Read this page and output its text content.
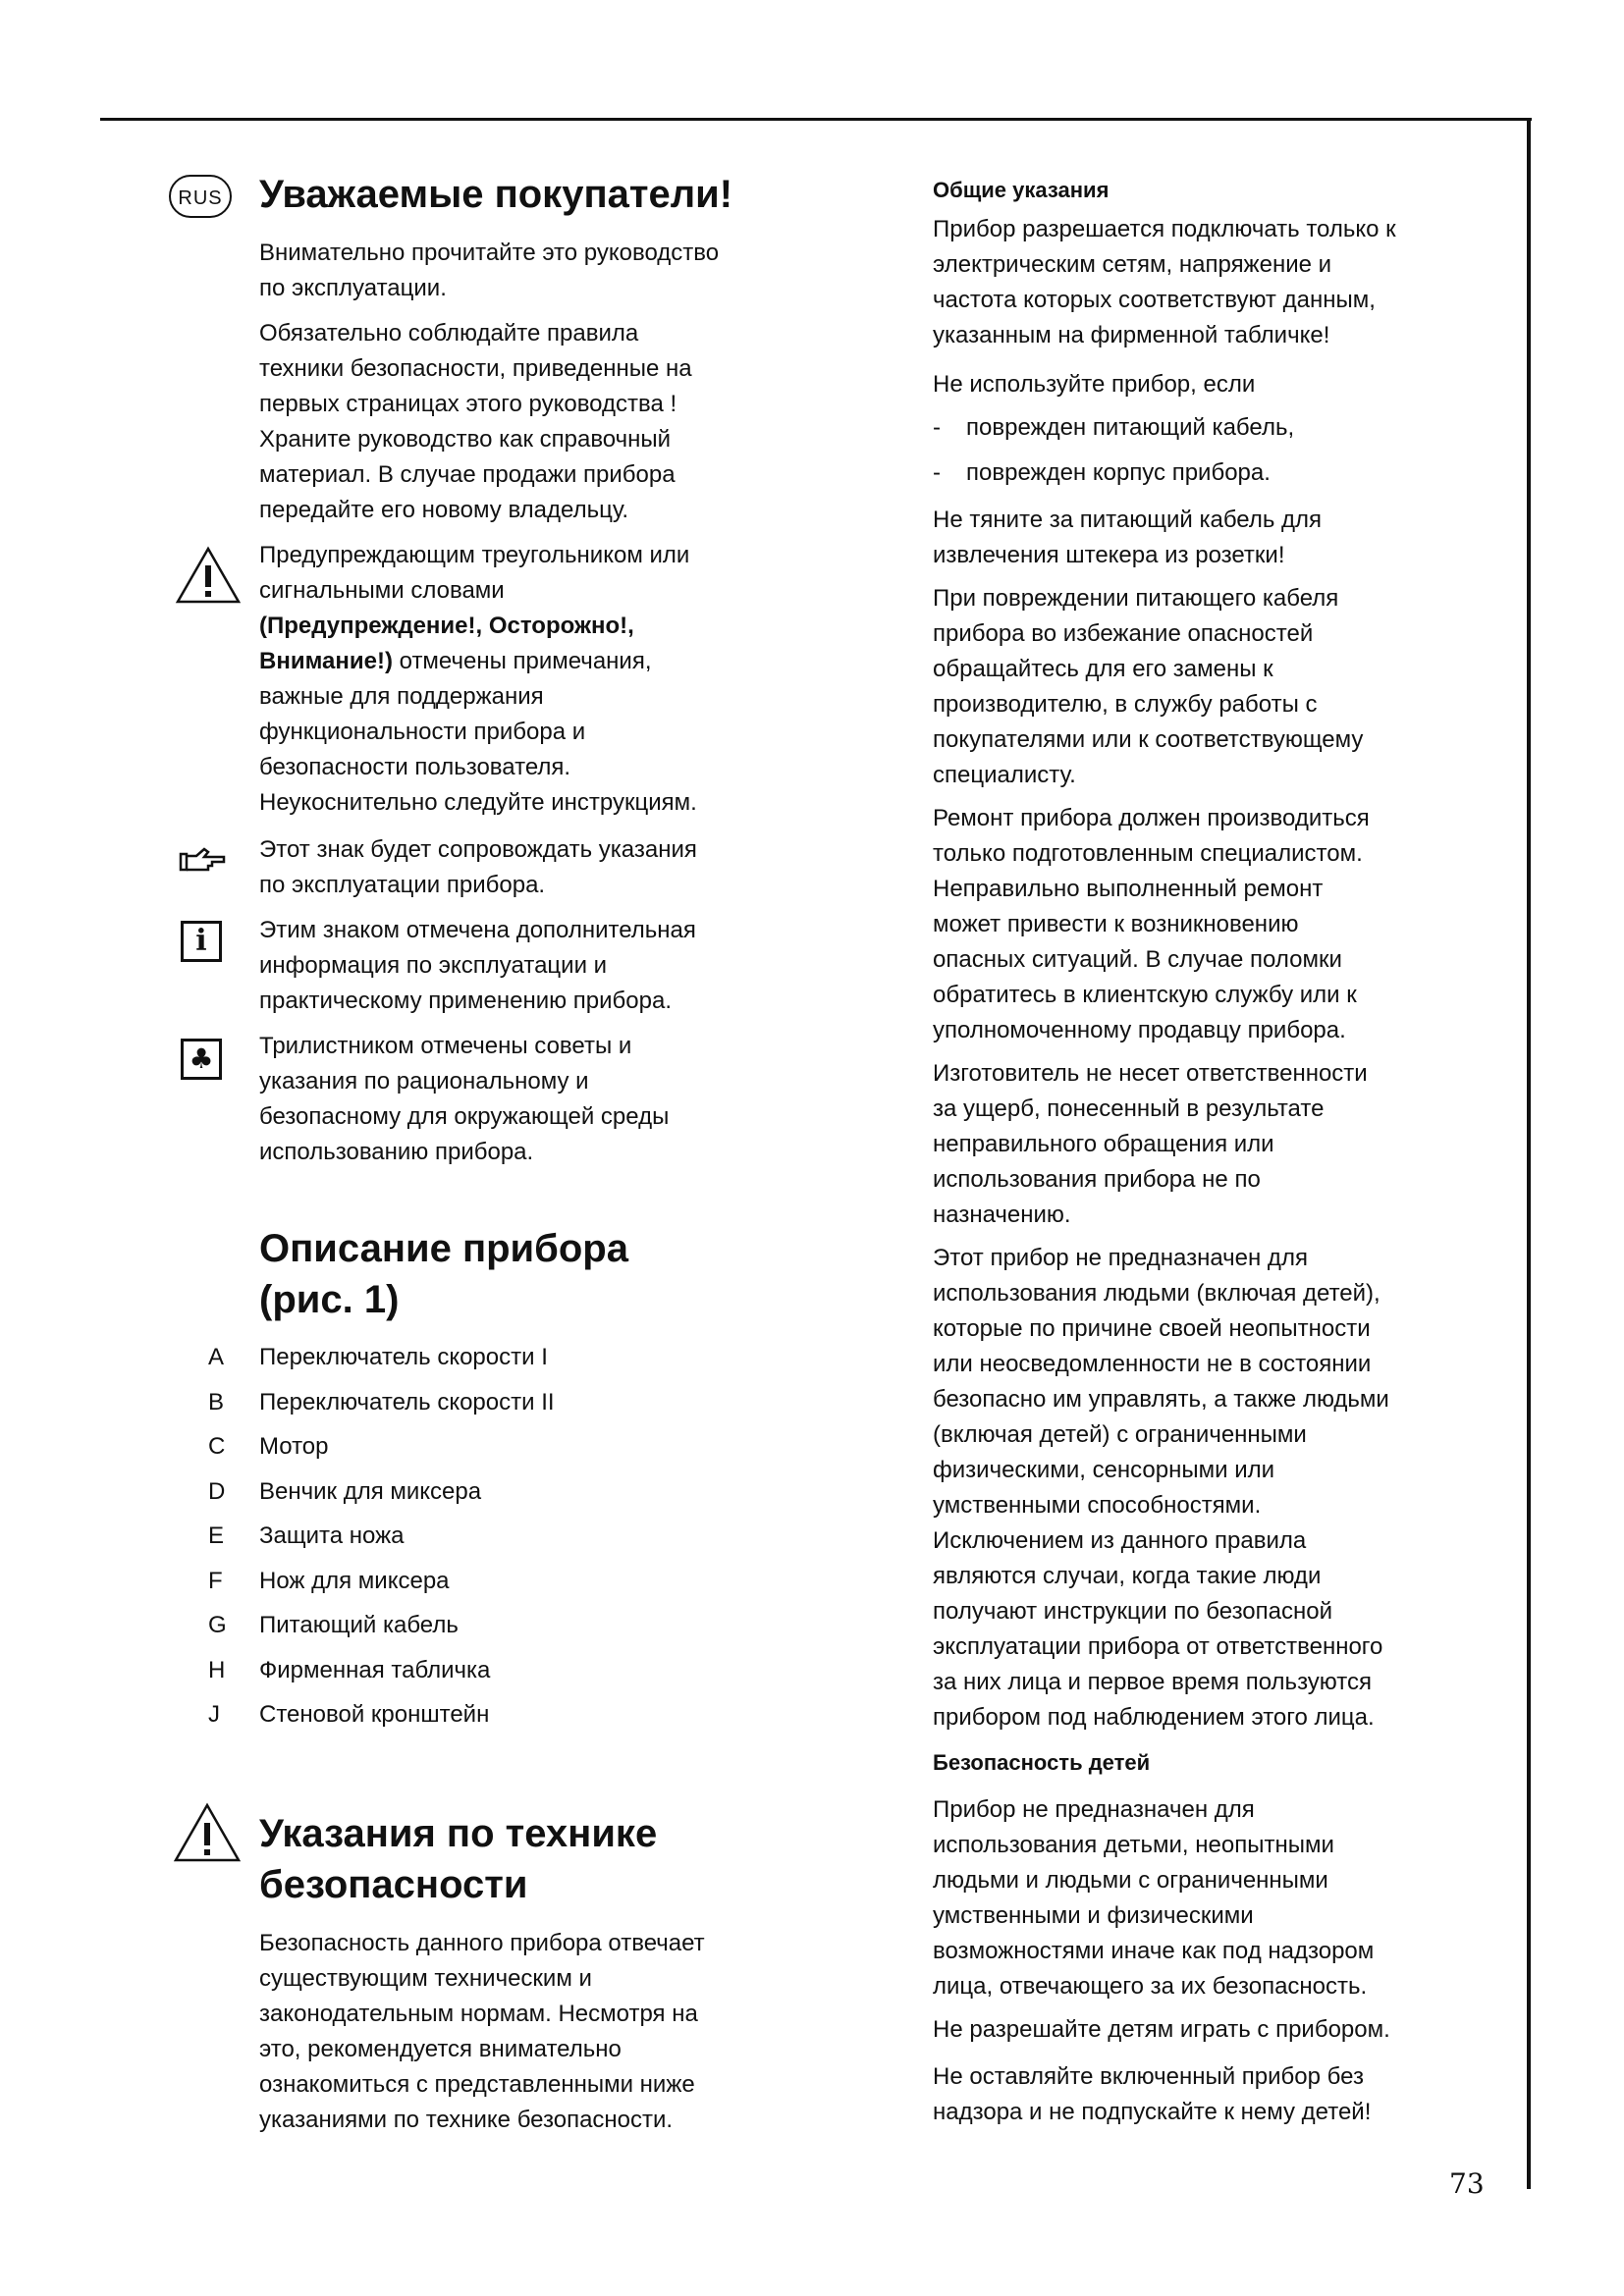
RUS Уважаемые покупатели!
Внимательно прочитайте это руководство
по эксплуатации.
Обязательно соблюдайте правила
техники безопасности, приведенные на
первых страницах этого руководства !
Храните руководство как справочный
материал. В случае продажи прибора
передайте его новому владельцу.
Предупреждающим треугольником или
сигнальными словами
(Предупреждение!, Осторожно!,
Внимание!) отмечены примечания,
важные для поддержания
функциональности прибора и
безопасности пользователя.
Неукоснительно следуйте инструкциям.
Этот знак будет сопровождать указания
по эксплуатации прибора.
i	Этим знаком отмечена дополнительная
информация по эксплуатации и
практическому применению прибора.
♣	Трилистником отмечены советы и
указания по рациональному и
безопасному для окружающей среды
использованию прибора.
Описание прибора
(рис. 1)
A Переключатель скорости I
B Переключатель скорости II
C Мотор
D Венчик для миксера
E Защита ножа
F Нож для миксера
G Питающий кабель
H Фирменная табличка
J Стеновой кронштейн
Указания по технике
безопасности
Безопасность данного прибора отвечает
существующим техническим и
законодательным нормам. Несмотря на
это, рекомендуется внимательно
ознакомиться с представленными ниже
указаниями по технике безопасности.
Общие указания
Прибор разрешается подключать только к
электрическим сетям, напряжение и
частота которых соответствуют данным,
указанным на фирменной табличке!
Не используйте прибор, если
- поврежден питающий кабель,
- поврежден корпус прибора.
Не тяните за питающий кабель для
извлечения штекера из розетки!
При повреждении питающего кабеля
прибора во избежание опасностей
обращайтесь для его замены к
производителю, в службу работы с
покупателями или к соответствующему
специалисту.
Ремонт прибора должен производиться
только подготовленным специалистом.
Неправильно выполненный ремонт
может привести к возникновению
опасных ситуаций. В случае поломки
обратитесь в клиентскую службу или к
уполномоченному продавцу прибора.
Изготовитель не несет ответственности
за ущерб, понесенный в результате
неправильного обращения или
использования прибора не по
назначению.
Этот прибор не предназначен для
использования людьми (включая детей),
которые по причине своей неопытности
или неосведомленности не в состоянии
безопасно им управлять, а также людьми
(включая детей) с ограниченными
физическими, сенсорными или
умственными способностями.
Исключением из данного правила
являются случаи, когда такие люди
получают инструкции по безопасной
эксплуатации прибора от ответственного
за них лица и первое время пользуются
прибором под наблюдением этого лица.
Безопасность детей
Прибор не предназначен для
использования детьми, неопытными
людьми и людьми с ограниченными
умственными и физическими
возможностями иначе как под надзором
лица, отвечающего за их безопасность.
Не разрешайте детям играть с прибором.
Не оставляйте включенный прибор без
надзора и не подпускайте к нему детей!
73
